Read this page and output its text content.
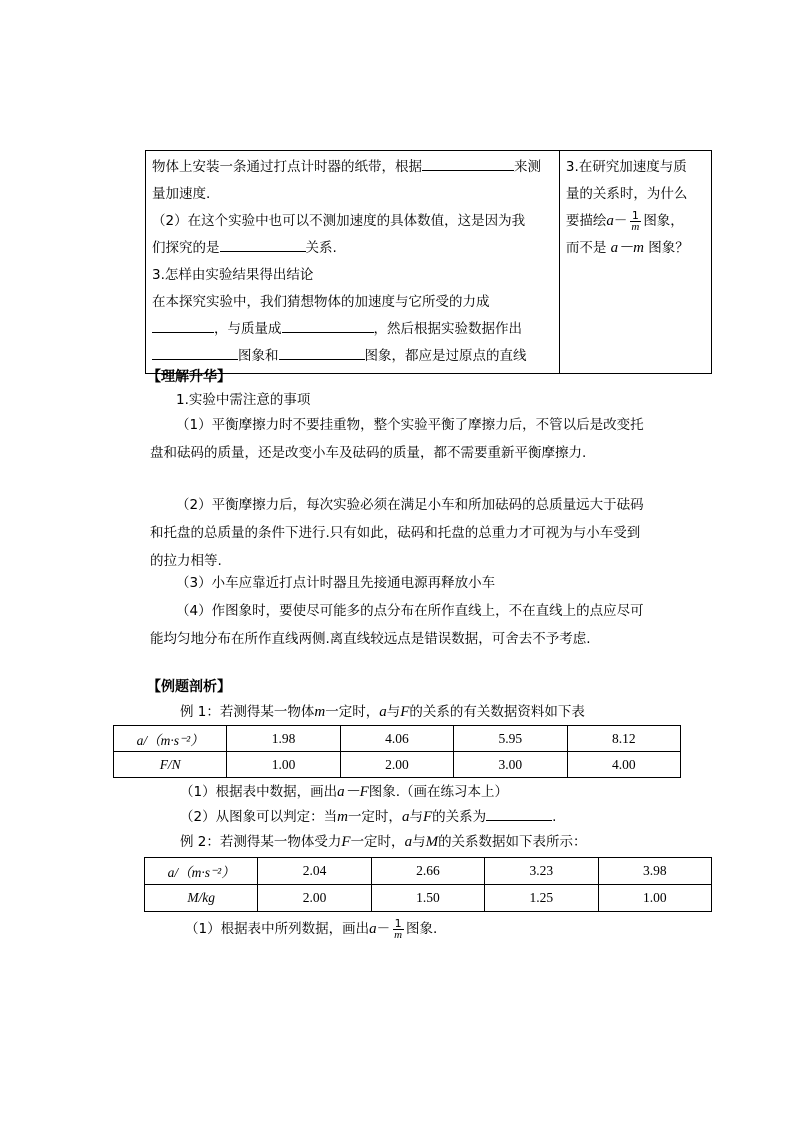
物体上安装一条通过打点计时器的纸带，根据	来测
量加速度.
（2）在这个实验中也可以不测加速度的具体数值，这是因为我
们探究的是	关系.
3.怎样由实验结果得出结论
在本探究实验中，我们猜想物体的加速度与它所受的力成
，与质量成	，然后根据实验数据作出
图象和	图象，都应是过原点的直线

3.在研究加速度与质
量的关系时，为什么
要描绘$a- \frac{1}{m}$ 图象，
而不是 a－m 图象？
【理解升华】
1.实验中需注意的事项
（1）平衡摩擦力时不要挂重物，整个实验平衡了摩擦力后，不管以后是改变托盘和砝码的质量，还是改变小车及砝码的质量，都不需要重新平衡摩擦力.
（2）平衡摩擦力后，每次实验必须在满足小车和所加砝码的总质量远大于砝码和托盘的总质量的条件下进行.只有如此，砝码和托盘的总重力才可视为与小车受到的拉力相等.
（3）小车应靠近打点计时器且先接通电源再释放小车
（4）作图象时，要使尽可能多的点分布在所作直线上，不在直线上的点应尽可能均匀地分布在所作直线两侧.离直线较远点是错误数据，可舍去不予考虑.
【例题剖析】
例 1：若测得某一物体m一定时，a与F的关系的有关数据资料如下表
a/（m·s⁻²）	1.98	4.06	5.95	8.12
F/N	1.00	2.00	3.00	4.00
（1）根据表中数据，画出a－F图象.（画在练习本上）
（2）从图象可以判定：当m一定时，a与F的关系为	.
例 2：若测得某一物体受力F一定时，a与M的关系数据如下表所示：
a/（m·s⁻²）	2.04	2.66	3.23	3.98
M/kg	2.00	1.50	1.25	1.00
（1）根据表中所列数据，画出$a- \frac{1}{m}$ 图象.
